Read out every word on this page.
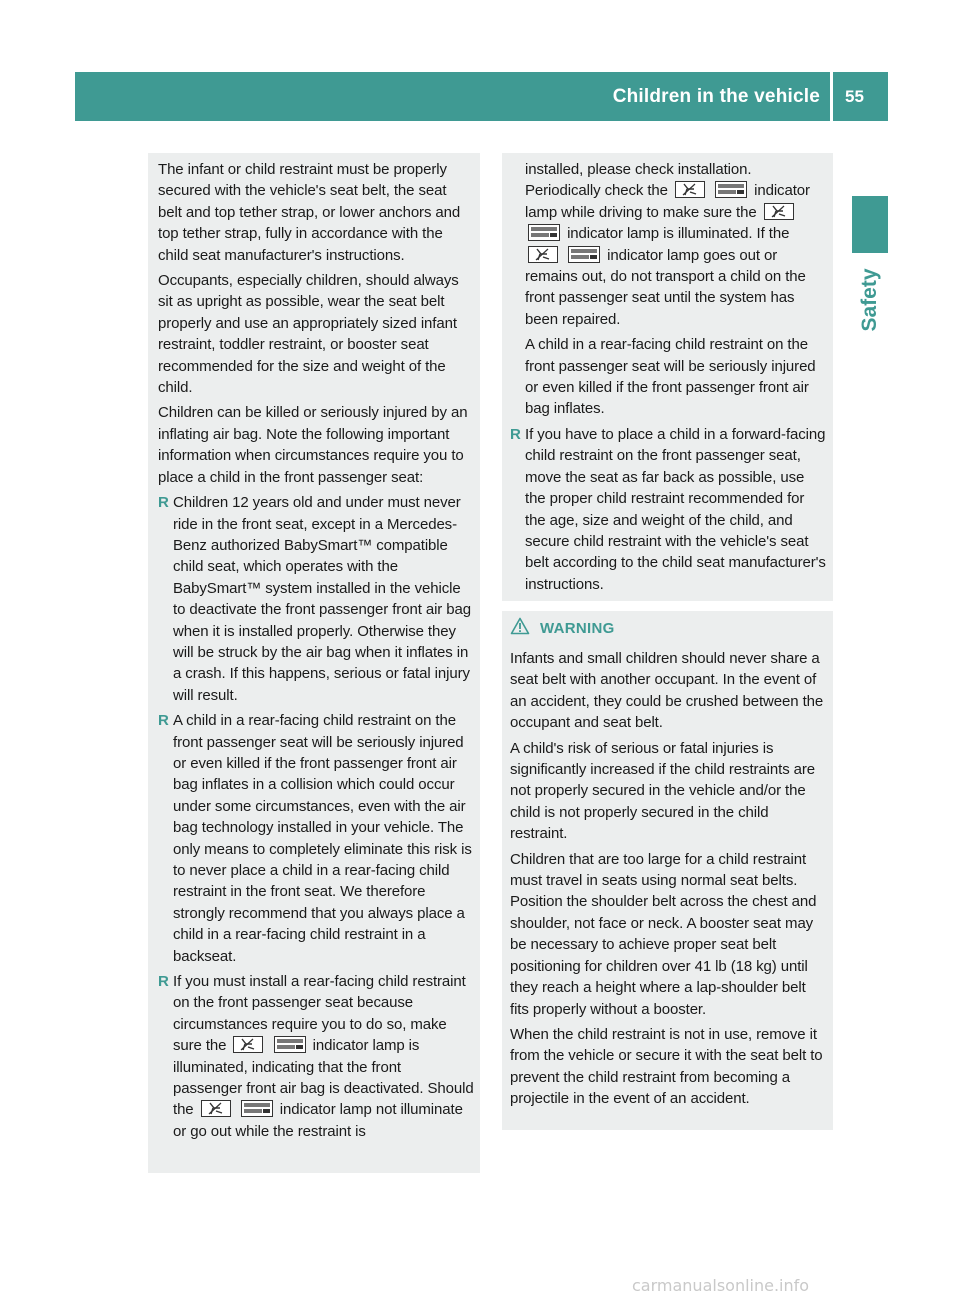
Children in the vehicle 55
Safety

The infant or child restraint must be properly secured with the vehicle's seat belt, the seat belt and top tether strap, or lower anchors and top tether strap, fully in accordance with the child seat manufacturer's instructions.

Occupants, especially children, should always sit as upright as possible, wear the seat belt properly and use an appropriately sized infant restraint, toddler restraint, or booster seat recommended for the size and weight of the child.

Children can be killed or seriously injured by an inflating air bag. Note the following important information when circumstances require you to place a child in the front passenger seat:

R Children 12 years old and under must never ride in the front seat, except in a Mercedes-Benz authorized BabySmart™ compatible child seat, which operates with the BabySmart™ system installed in the vehicle to deactivate the front passenger front air bag when it is installed properly. Otherwise they will be struck by the air bag when it inflates in a crash. If this happens, serious or fatal injury will result.
R A child in a rear-facing child restraint on the front passenger seat will be seriously injured or even killed if the front passenger front air bag inflates in a collision which could occur under some circumstances, even with the air bag technology installed in your vehicle. The only means to completely eliminate this risk is to never place a child in a rear-facing child restraint in the front seat. We therefore strongly recommend that you always place a child in a rear-facing child restraint in a backseat.
R If you must install a rear-facing child restraint on the front passenger seat because circumstances require you to do so, make sure the
	indicator lamp is illuminated, indicating that the front passenger front air bag is deactivated. Should the
	indicator lamp not illuminate or go out while the restraint is
installed, please check installation. Periodically check the
	indicator lamp while driving to make sure the

indicator lamp is illuminated. If the

indicator lamp goes out or remains out, do not transport a child on the front passenger seat until the system has been repaired.

A child in a rear-facing child restraint on the front passenger seat will be seriously injured or even killed if the front passenger front air bag inflates.

R If you have to place a child in a forward-facing child restraint on the front passenger seat, move the seat as far back as possible, use the proper child restraint recommended for the age, size and weight of the child, and secure child restraint with the vehicle's seat belt according to the child seat manufacturer's instructions.
WARNING

Infants and small children should never share a seat belt with another occupant. In the event of an accident, they could be crushed between the occupant and seat belt.

A child's risk of serious or fatal injuries is significantly increased if the child restraints are not properly secured in the vehicle and/or the child is not properly secured in the child restraint.

Children that are too large for a child restraint must travel in seats using normal seat belts. Position the shoulder belt across the chest and shoulder, not face or neck. A booster seat may be necessary to achieve proper seat belt positioning for children over 41 lb (18 kg) until they reach a height where a lap-shoulder belt fits properly without a booster.

When the child restraint is not in use, remove it from the vehicle or secure it with the seat belt to prevent the child restraint from becoming a projectile in the event of an accident.

carmanualsonline.info
